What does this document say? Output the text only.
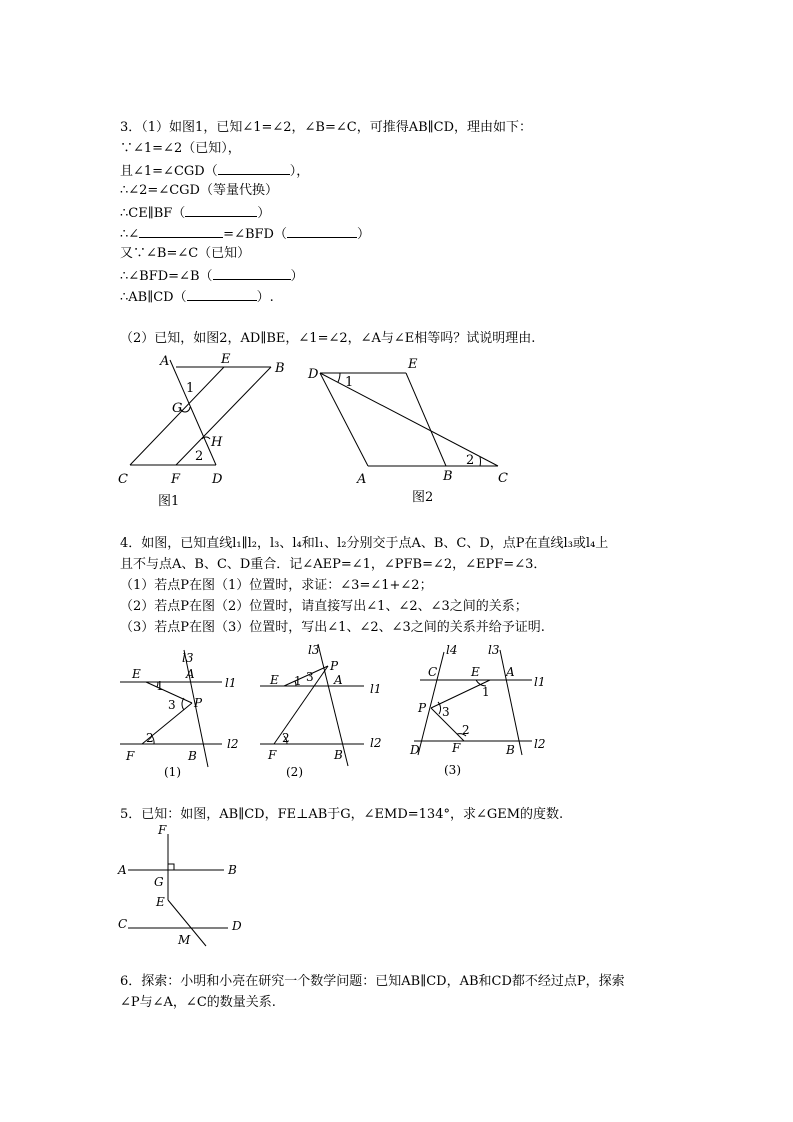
3．（1）如图1，已知∠1=∠2，∠B=∠C，可推得AB∥CD，理由如下：
∵∠1=∠2（已知），
且∠1=∠CGD（	），
∴∠2=∠CGD（等量代换）
∴CE∥BF（	）
∴∠	=∠BFD（	）
又∵∠B=∠C（已知）
∴∠BFD=∠B（	）
∴AB∥CD（	）.
（2）已知，如图2，AD∥BE，∠1=∠2，∠A与∠E相等吗？试说明理由.
A	E
B
1
G
H
2
C	F D
图1
D
1
E
2
A	B	C
图2
4．如图，已知直线l₁∥l₂，l₃、l₄和l₁、l₂分别交于点A、B、C、D，点P在直线l₃或l₄上
且不与点A、B、C、D重合．记∠AEP=∠1，∠PFB=∠2，∠EPF=∠3．
（1）若点P在图（1）位置时，求证：∠3=∠1+∠2；
（2）若点P在图（2）位置时，请直接写出∠1、∠2、∠3之间的关系；
（3）若点P在图（3）位置时，写出∠1、∠2、∠3之间的关系并给予证明.
l3
E	A
l1
1
3 P
2	l2
F	B
(1)
l3
P
E 1 3 A
l1
2	l2
F	B
(2)
l4	l3
C	E A
l1
1
P 3
2
D	F	B l2
(3)
5．已知：如图，AB∥CD，FE⊥AB于G，∠EMD=134°，求∠GEM的度数.
F
A	B
G
E
C	D
M
6．探索：小明和小亮在研究一个数学问题：已知AB∥CD，AB和CD都不经过点P，探索
∠P与∠A，∠C的数量关系.
